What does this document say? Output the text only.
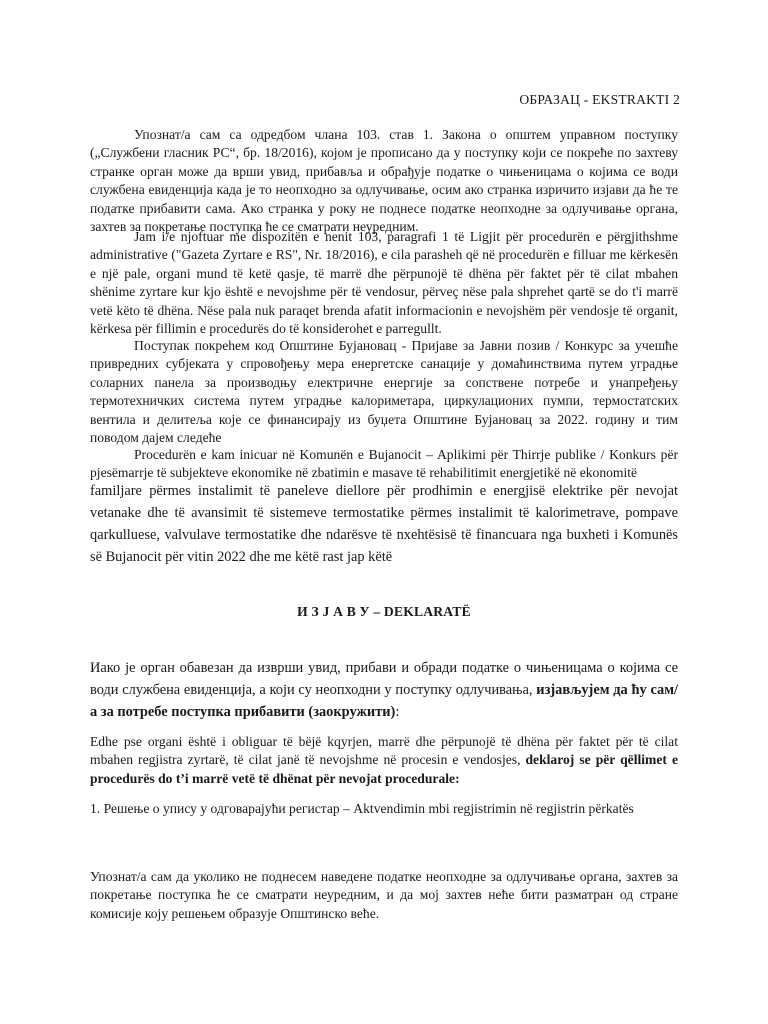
ОБРАЗАЦ - EKSTRAKTI 2

Упознат/а сам са одредбом члана 103. став 1. Закона о општем управном поступку („Службени гласник РС“, бр. 18/2016), којом је прописано да у поступку који се покреће по захтеву странке орган може да врши увид, прибавља и обрађује податке о чињеницама о којима се води службена евиденција када је то неопходно за одлучивање, осим ако странка изричито изјави да ће те податке прибавити сама. Ако странка у року не поднесе податке неопходне за одлучивање органа, захтев за покретање поступка ће се сматрати неуредним.

Jam i/e njoftuar me dispozitën e nenit 103, paragrafi 1 të Ligjit për procedurën e përgjithshme administrative ("Gazeta Zyrtare e RS", Nr. 18/2016), e cila parasheh që në procedurën e filluar me kërkesën e një pale, organi mund të ketë qasje, të marrë dhe përpunojë të dhëna për faktet për të cilat mbahen shënime zyrtare kur kjo është e nevojshme për të vendosur, përveç nëse pala shprehet qartë se do t'i marrë vetë këto të dhëna. Nëse pala nuk paraqet brenda afatit informacionin e nevojshëm për vendosje të organit, kërkesa për fillimin e procedurës do të konsiderohet e parregullt.

Поступак покреһем код Општине Бујановац - Пријаве за Јавни позив / Конкурс за учешће привредних субјеката у спровођењу мера енергетске санације у домаћинствима путем уградње соларних панела за производњу електричне енергије за сопствене потребе и унапређењу термотехничких система путем уградње калориметара, циркулационих пумпи, термостатских вентила и делитеља које се финансирају из буџета Општине Бујановац за 2022. годину и тим поводом дајем следеће

Procedurën e kam inicuar në Komunën e Bujanocit – Aplikimi për Thirrje publike / Konkurs për pjesëmarrje të subjekteve ekonomike në zbatimin e masave të rehabilitimit energjetikë në ekonomitë

familjare përmes instalimit të paneleve diellore për prodhimin e energjisë elektrike për nevojat vetanake dhe të avansimit të sistemeve termostatike përmes instalimit të kalorimetrave, pompave qarkulluese, valvulave termostatike dhe ndarësve të nxehtësisë të financuara nga buxheti i Komunës së Bujanocit për vitin 2022 dhe me këtë rast jap këtë

И З Ј А В У – DEKLARATË

Иако је орган обавезан да изврши увид, прибави и обради податке о чињеницама о којима се води службена евиденција, а који су неопходни у поступку одлучивања, изјављујем да ћу сам/а за потребе поступка прибавити (заокружити):

Edhe pse organi është i obliguar të bëjë kqyrjen, marrë dhe përpunojë të dhëna për faktet për të cilat mbahen regjistra zyrtarë, të cilat janë të nevojshme në procesin e vendosjes, deklaroj se për qëllimet e procedurës do t’i marrë vetë të dhënat për nevojat procedurale:

1. Решење о упису у одговарајући регистар – Aktvendimin mbi regjistrimin në regjistrin përkatës

Упознат/а сам да уколико не поднесем наведене податке неопходне за одлучивање органа, захтев за покретање поступка ће се сматрати неуредним, и да мој захтев неће бити разматран од стране комисије коју решењем образује Општинско веће.
